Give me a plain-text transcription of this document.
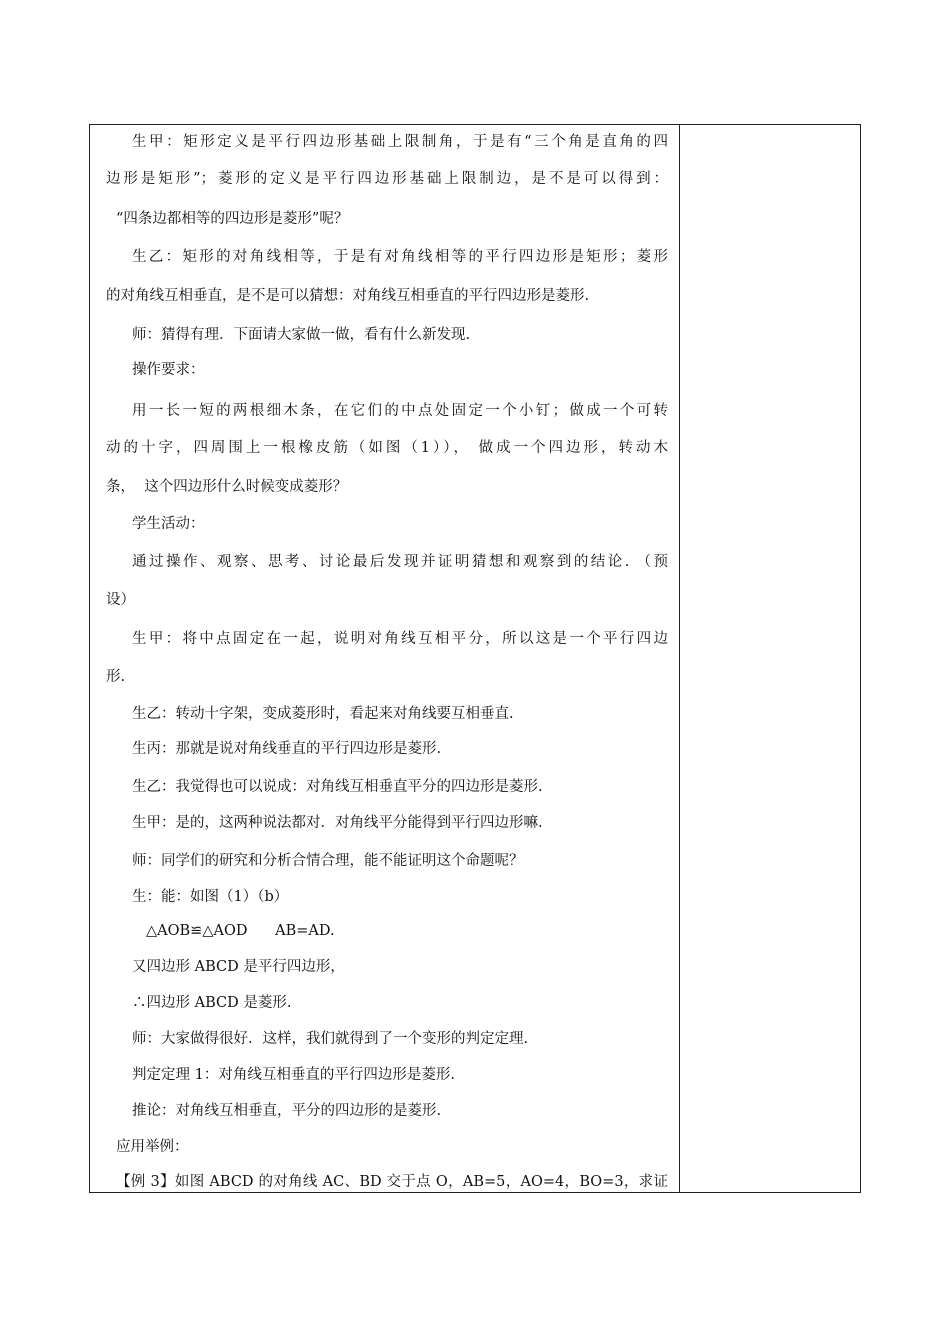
生甲：矩形定义是平行四边形基础上限制角，于是有“三个角是直角的四
边形是矩形”；菱形的定义是平行四边形基础上限制边，是不是可以得到：
“四条边都相等的四边形是菱形”呢？
生乙：矩形的对角线相等，于是有对角线相等的平行四边形是矩形；菱形
的对角线互相垂直，是不是可以猜想：对角线互相垂直的平行四边形是菱形.
师：猜得有理．下面请大家做一做，看有什么新发现.
操作要求：
用一长一短的两根细木条，在它们的中点处固定一个小钉；做成一个可转
动的十字，四周围上一根橡皮筋（如图（1））， 做成一个四边形，转动木
条，  这个四边形什么时候变成菱形？
学生活动：
通过操作、观察、思考、讨论最后发现并证明猜想和观察到的结论. （预
设）
生甲：将中点固定在一起，说明对角线互相平分，所以这是一个平行四边
形.
生乙：转动十字架，变成菱形时，看起来对角线要互相垂直.
生丙：那就是说对角线垂直的平行四边形是菱形.
生乙：我觉得也可以说成：对角线互相垂直平分的四边形是菱形.
生甲：是的，这两种说法都对．对角线平分能得到平行四边形嘛.
师：同学们的研究和分析合情合理，能不能证明这个命题呢？
生：能：如图（1）（b）
△AOB≌△AOD      AB=AD.
又四边形 ABCD 是平行四边形，
∴四边形 ABCD 是菱形.
师：大家做得很好．这样，我们就得到了一个变形的判定定理.
判定定理 1：对角线互相垂直的平行四边形是菱形.
推论：对角线互相垂直，平分的四边形的是菱形.
应用举例：
【例 3】如图 ABCD 的对角线 AC、BD 交于点 O，AB=5，AO=4，BO=3，求证
